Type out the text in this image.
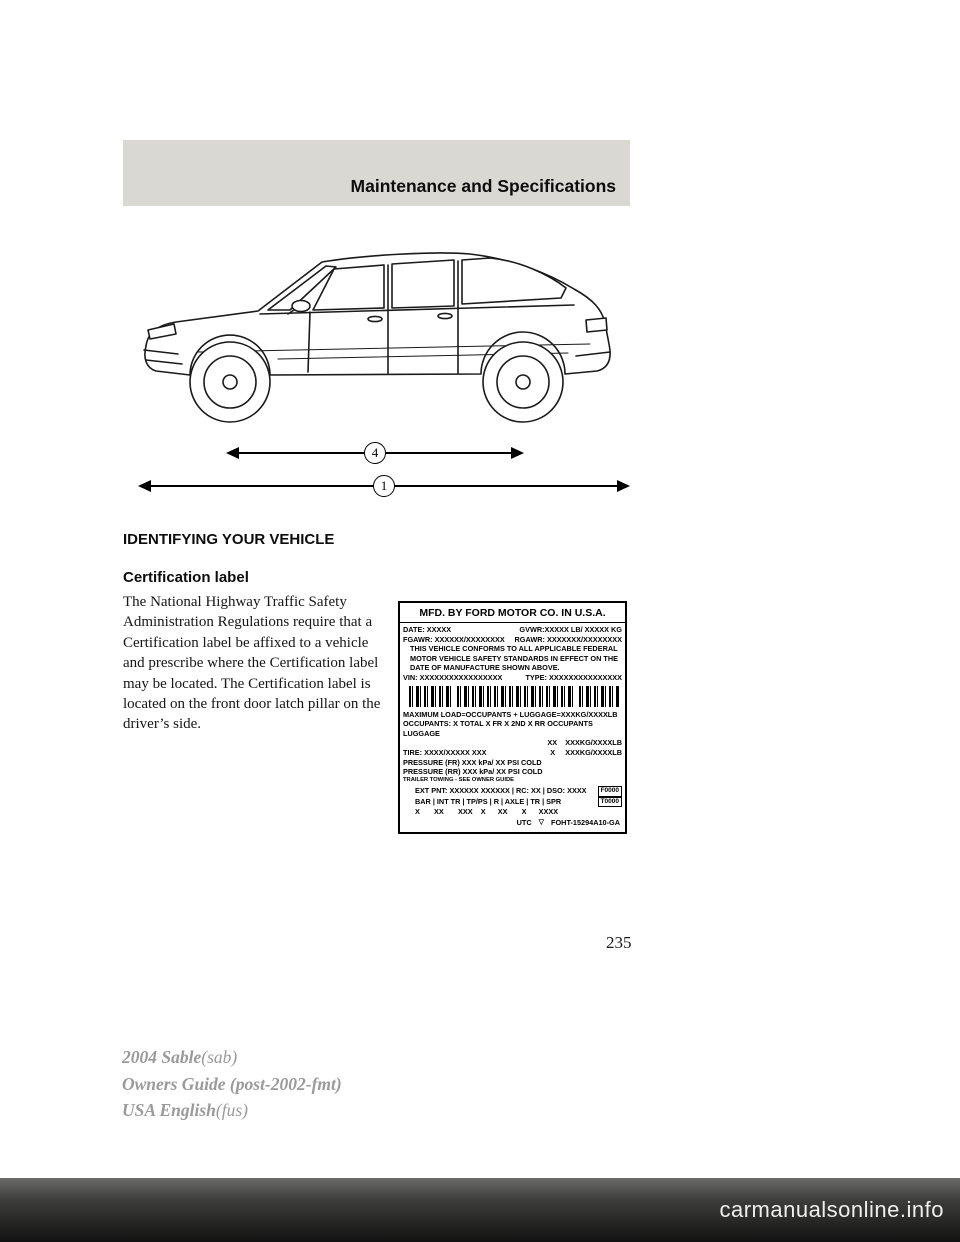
Maintenance and Specifications
4
1
IDENTIFYING YOUR VEHICLE
Certification label

The National Highway Traffic Safety Administration Regulations require that a Certification label be affixed to a vehicle and prescribe where the Certification label may be located. The Certification label is located on the front door latch pillar on the driver’s side.

MFD. BY FORD MOTOR CO. IN U.S.A.
DATE: XXXXX	GVWR:XXXXX LB/ XXXXX KG
FGAWR: XXXXXX/XXXXXXXX RGAWR: XXXXXXX/XXXXXXXX
THIS VEHICLE CONFORMS TO ALL APPLICABLE FEDERAL
MOTOR VEHICLE SAFETY STANDARDS IN EFFECT ON THE
DATE OF MANUFACTURE SHOWN ABOVE.
VIN: XXXXXXXXXXXXXXXXX	TYPE: XXXXXXXXXXXXXXX
MAXIMUM LOAD=OCCUPANTS + LUGGAGE=XXXKG/XXXXLB
OCCUPANTS: X TOTAL X FR X 2ND X RR OCCUPANTS LUGGAGE
XX    XXXKG/XXXXLB
TIRE: XXXX/XXXXX XXX	X     XXXKG/XXXXLB
PRESSURE (FR) XXX kPa/ XX PSI COLD
PRESSURE (RR) XXX kPa/ XX PSI COLD
TRAILER TOWING - SEE OWNER GUIDE
EXT PNT: XXXXXX XXXXXX | RC: XX | DSO: XXXX	F0000
BAR | INT TR | TP/PS | R | AXLE | TR | SPR	T0000
X       XX       XXX    X      XX       X      XXXX
UTC ▽ FOHT-15294A10-GA
235
2004 Sable(sab)
Owners Guide (post-2002-fmt)
USA English(fus)
carmanualsonline.info
